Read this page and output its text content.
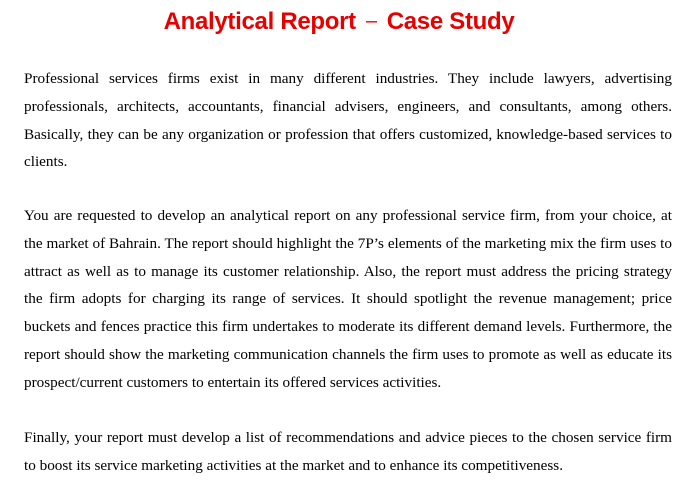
Analytical Report – Case Study

Professional services firms exist in many different industries. They include lawyers, advertising professionals, architects, accountants, financial advisers, engineers, and consultants, among others. Basically, they can be any organization or profession that offers customized, knowledge-based services to clients.

You are requested to develop an analytical report on any professional service firm, from your choice, at the market of Bahrain. The report should highlight the 7P’s elements of the marketing mix the firm uses to attract as well as to manage its customer relationship. Also, the report must address the pricing strategy the firm adopts for charging its range of services. It should spotlight the revenue management; price buckets and fences practice this firm undertakes to moderate its different demand levels. Furthermore, the report should show the marketing communication channels the firm uses to promote as well as educate its prospect/current customers to entertain its offered services activities.

Finally, your report must develop a list of recommendations and advice pieces to the chosen service firm to boost its service marketing activities at the market and to enhance its competitiveness.
